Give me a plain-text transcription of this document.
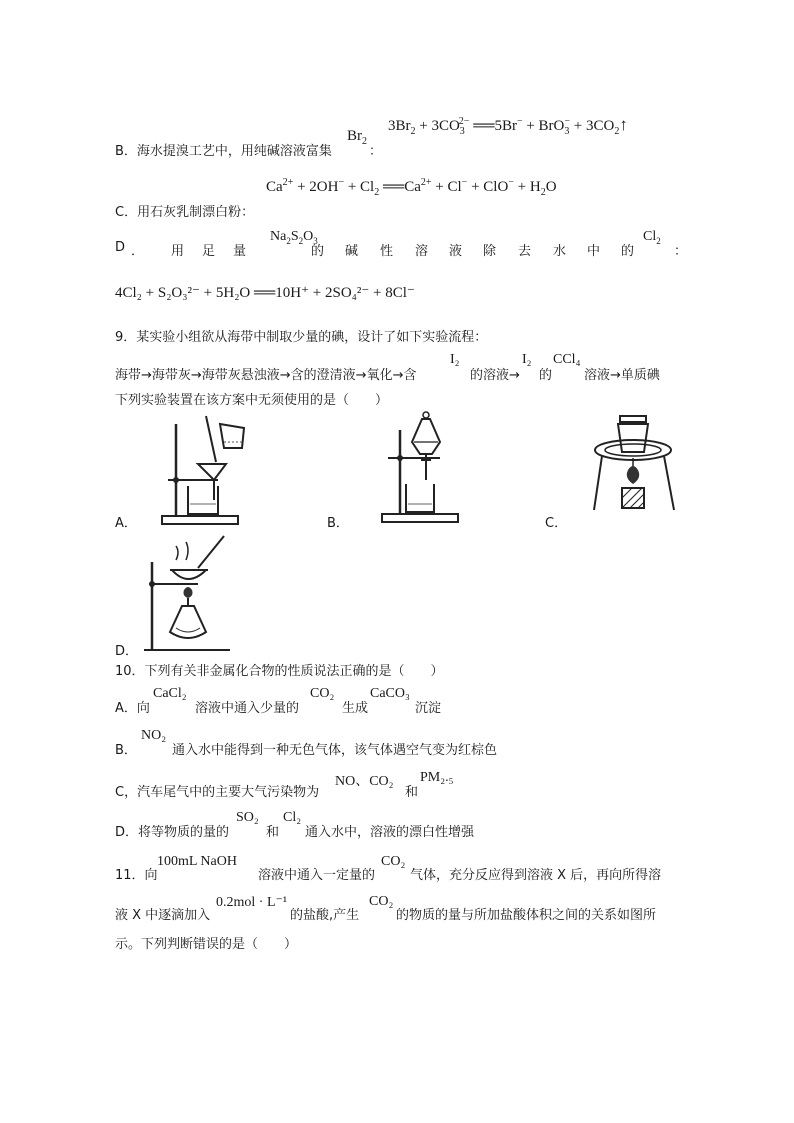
$3Br_2 + 3CO_3^{2-}$ ══5Br− + $BrO_3^- + 3CO_2↑$
B．海水提溴工艺中，用纯碱溶液富集
$Br_2$
：
$Ca^{2+} + 2OH^- + Cl_2$ $══Ca^{2+} + Cl^- + ClO^- + H_2O$
C．用石灰乳制漂白粉：
D ． 用 足 量	的 碱 性 溶 液 除 去 水 中 的	：
$Na_2S_2O_3$	$Cl_2$
4Cl₂ + S₂O₃²⁻ + 5H₂O ══10H⁺ + 2SO₄²⁻ + 8Cl⁻
9．某实验小组欲从海带中制取少量的碘，设计了如下实验流程：
海带→海带灰→海带灰悬浊液→含的澄清液→氧化→含
I₂
的溶液→
I₂
的
CCl₄
溶液→单质碘
下列实验装置在该方案中无须使用的是（　　）
A．	B．	C．
D．
10．下列有关非金属化合物的性质说法正确的是（　　）
A．向
CaCl₂
溶液中通入少量的
CO₂
生成
CaCO₃
沉淀
B．
NO₂
通入水中能得到一种无色气体，该气体遇空气变为红棕色
C，汽车尾气中的主要大气污染物为
NO、CO₂
和
PM₂.₅
D．将等物质的量的
SO₂
和
Cl₂
通入水中，溶液的漂白性增强
11．向
100mL NaOH
溶液中通入一定量的
CO₂
气体，充分反应得到溶液 X 后，再向所得溶
液 X 中逐滴加入
0.2mol · L⁻¹
的盐酸,产生
CO₂
的物质的量与所加盐酸体积之间的关系如图所
示。下列判断错误的是（　　）
